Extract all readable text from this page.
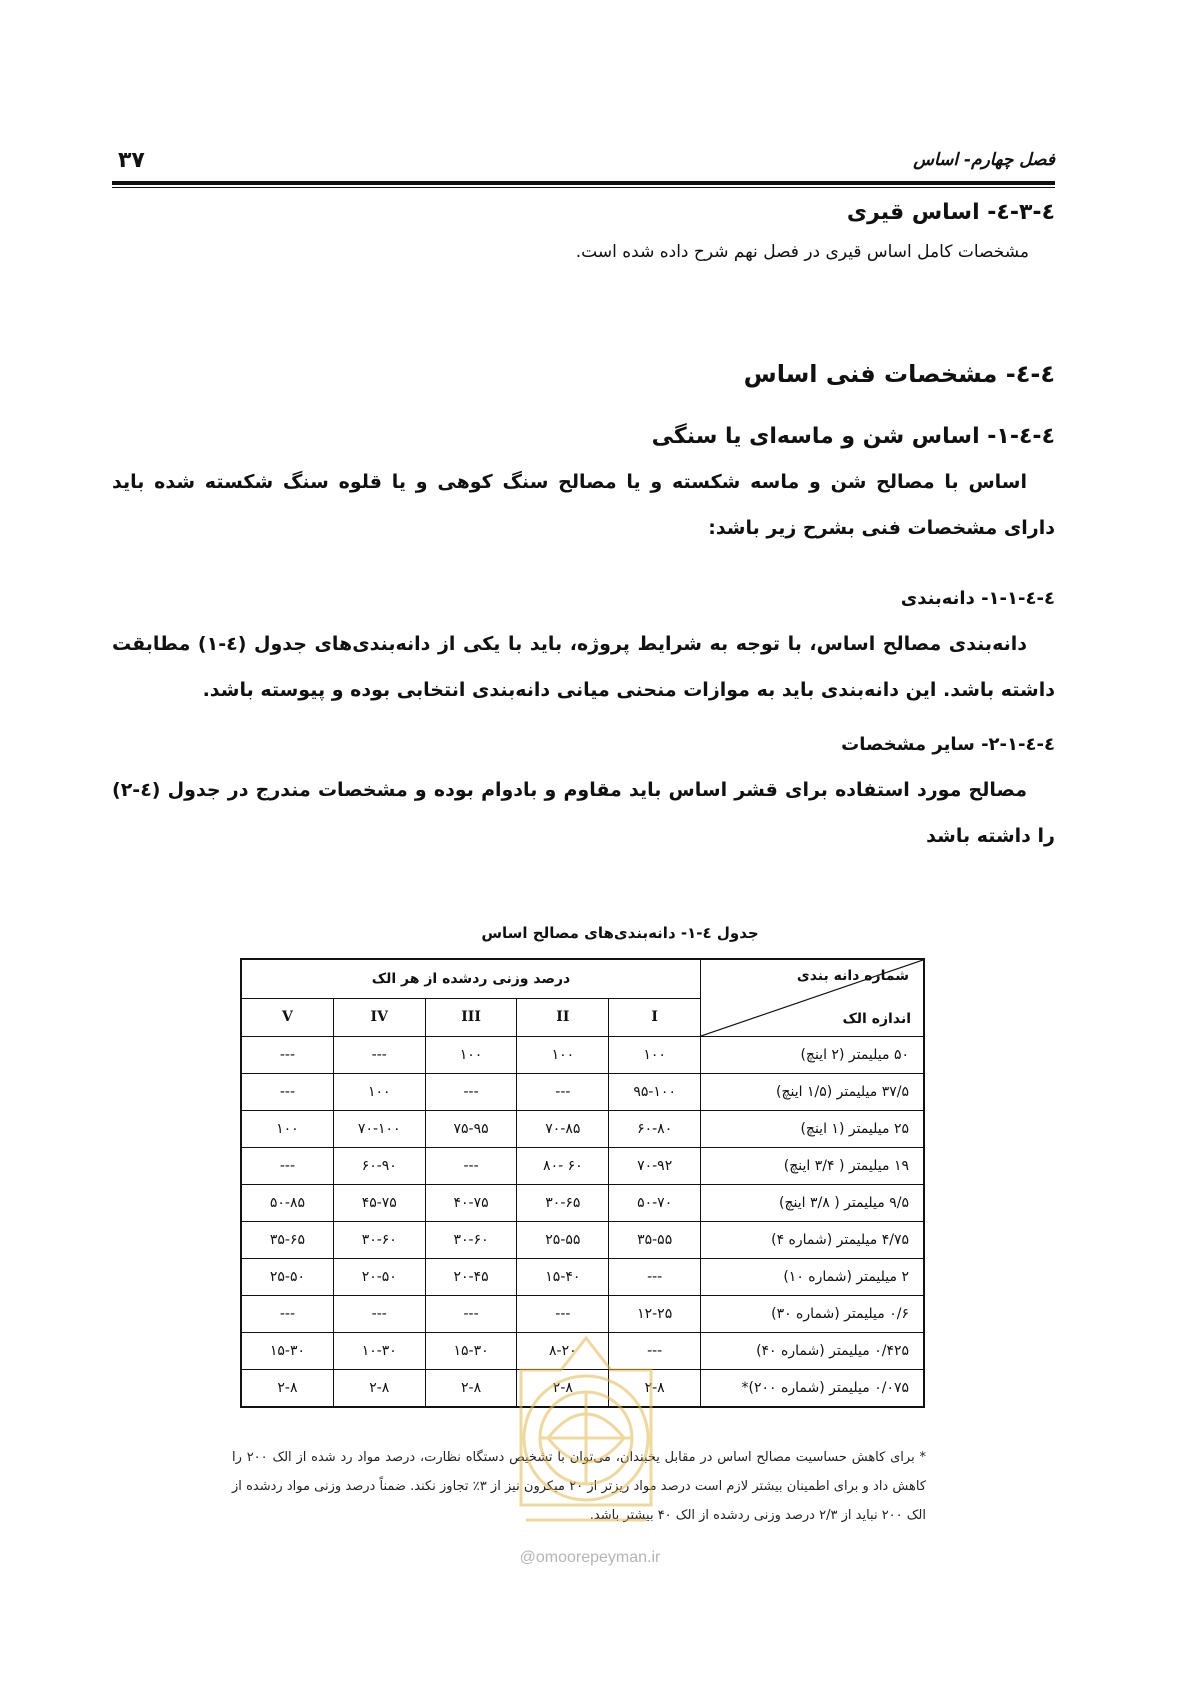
فصل چهارم- اساس
۳۷
٤-٣-٤- اساس قیری

مشخصات کامل اساس قیری در فصل نهم شرح داده شده است.

٤-٤- مشخصات فنی اساس
٤-٤-١- اساس شن و ماسه‌ای یا سنگی

اساس با مصالح شن و ماسه شکسته و یا مصالح سنگ کوهی و یا قلوه سنگ شکسته شده باید دارای مشخصات فنی بشرح زیر باشد:

٤-٤-١-١- دانه‌بندی

دانه‌بندی مصالح اساس، با توجه به شرایط پروژه، باید با یکی از دانه‌بندی‌های جدول (٤-١) مطابقت داشته باشد. این دانه‌بندی باید به موازات منحنی میانی دانه‌بندی انتخابی بوده و پیوسته باشد.

٤-٤-١-٢- سایر مشخصات

مصالح مورد استفاده برای قشر اساس باید مقاوم و بادوام بوده و مشخصات مندرج در جدول (٤-٢) را داشته باشد

جدول ٤-١- دانه‌بندی‌های مصالح اساس
شماره دانه بندی
اندازه الک	درصد وزنی ردشده از هر الک				
	I	II	III	IV	V
۵۰ میلیمتر (۲ اینچ)	۱۰۰	۱۰۰	۱۰۰	---	---
۳۷/۵ میلیمتر (۱/۵ اینچ)	۹۵-۱۰۰	---	---	۱۰۰	---
۲۵ میلیمتر (۱ اینچ)	۶۰-۸۰	۷۰-۸۵	۷۵-۹۵	۷۰-۱۰۰	۱۰۰
۱۹ میلیمتر ( ۳/۴ اینچ)	۷۰-۹۲	۶۰ -۸۰	---	۶۰-۹۰	---
۹/۵ میلیمتر ( ۳/۸ اینچ)	۵۰-۷۰	۳۰-۶۵	۴۰-۷۵	۴۵-۷۵	۵۰-۸۵
۴/۷۵ میلیمتر (شماره ۴)	۳۵-۵۵	۲۵-۵۵	۳۰-۶۰	۳۰-۶۰	۳۵-۶۵
۲ میلیمتر (شماره ۱۰)	---	۱۵-۴۰	۲۰-۴۵	۲۰-۵۰	۲۵-۵۰
۰/۶ میلیمتر (شماره ۳۰)	۱۲-۲۵	---	---	---	---
۰/۴۲۵ میلیمتر (شماره ۴۰)	---	۸-۲۰	۱۵-۳۰	۱۰-۳۰	۱۵-۳۰
۰/۰۷۵ میلیمتر (شماره ۲۰۰)*	۲-۸	۲-۸	۲-۸	۲-۸	۲-۸

* برای کاهش حساسیت مصالح اساس در مقابل یخبندان، می‌توان با تشخیص دستگاه نظارت، درصد مواد رد شده از الک ۲۰۰ را کاهش داد و برای اطمینان بیشتر لازم است درصد مواد ریزتر از ۲۰ میکرون نیز از ۳٪ تجاوز نکند. ضمناً درصد وزنی مواد ردشده از الک ۲۰۰ نباید از ۲/۳ درصد وزنی ردشده از الک ۴۰ بیشتر باشد.

@omoorepeyman.ir
